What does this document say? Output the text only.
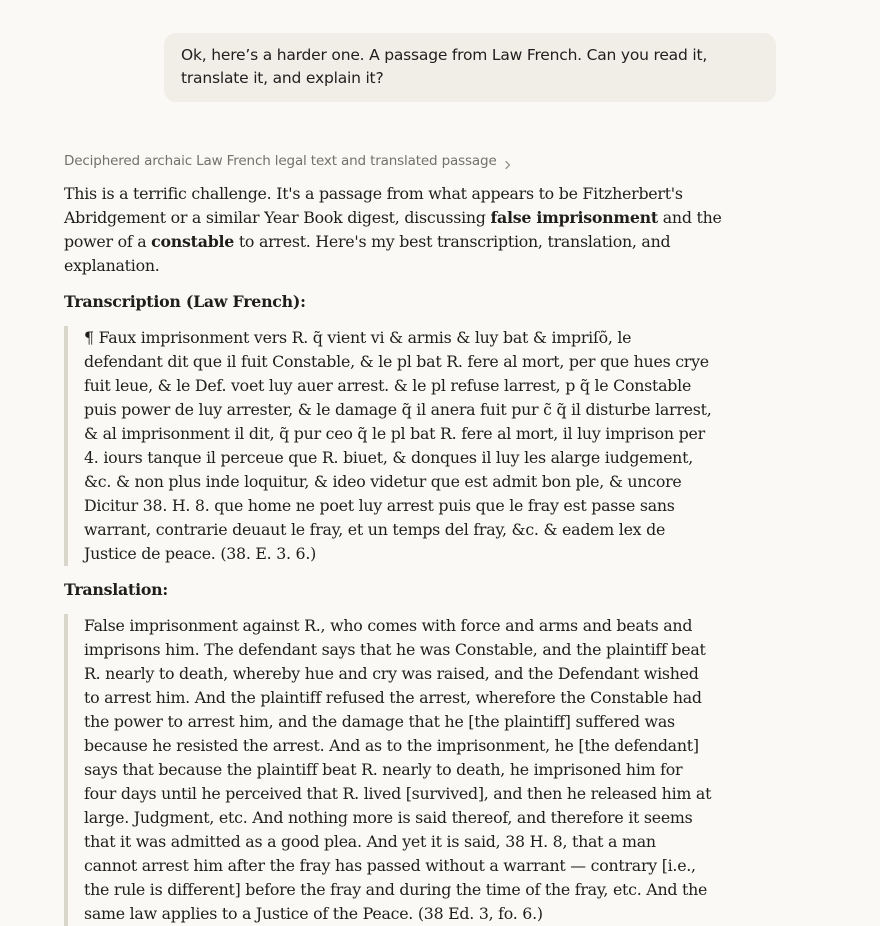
Ok, here’s a harder one. A passage from Law French. Can you read it,
translate it, and explain it?
Deciphered archaic Law French legal text and translated passage

This is a terrific challenge. It's a passage from what appears to be Fitzherbert's Abridgement or a similar Year Book digest, discussing false imprisonment and the power of a constable to arrest. Here's my best transcription, translation, and explanation.

Transcription (Law French):

¶ Faux imprisonment vers R. q̃ vient vi & armis & luy bat & impriſõ, le defendant dit que il fuit Constable, & le pl bat R. fere al mort, per que hues crye fuit leue, & le Def. voet luy auer arrest. & le pl refuse larrest, p q̃ le Constable puis power de luy arrester, & le damage q̃ il anera fuit pur c̃ q̃ il disturbe larrest, & al imprisonment il dit, q̃ pur ceo q̃ le pl bat R. fere al mort, il luy imprison per 4. iours tanque il perceue que R. biuet, & donques il luy les alarge iudgement, &c. & non plus inde loquitur, & ideo videtur que est admit bon ple, & uncore Dicitur 38. H. 8. que home ne poet luy arrest puis que le fray est passe sans warrant, contrarie deuaut le fray, et un temps del fray, &c. & eadem lex de Justice de peace. (38. E. 3. 6.)

Translation:

False imprisonment against R., who comes with force and arms and beats and imprisons him. The defendant says that he was Constable, and the plaintiff beat R. nearly to death, whereby hue and cry was raised, and the Defendant wished to arrest him. And the plaintiff refused the arrest, wherefore the Constable had the power to arrest him, and the damage that he [the plaintiff] suffered was because he resisted the arrest. And as to the imprisonment, he [the defendant] says that because the plaintiff beat R. nearly to death, he imprisoned him for four days until he perceived that R. lived [survived], and then he released him at large. Judgment, etc. And nothing more is said thereof, and therefore it seems that it was admitted as a good plea. And yet it is said, 38 H. 8, that a man cannot arrest him after the fray has passed without a warrant — contrary [i.e., the rule is different] before the fray and during the time of the fray, etc. And the same law applies to a Justice of the Peace. (38 Ed. 3, fo. 6.)
